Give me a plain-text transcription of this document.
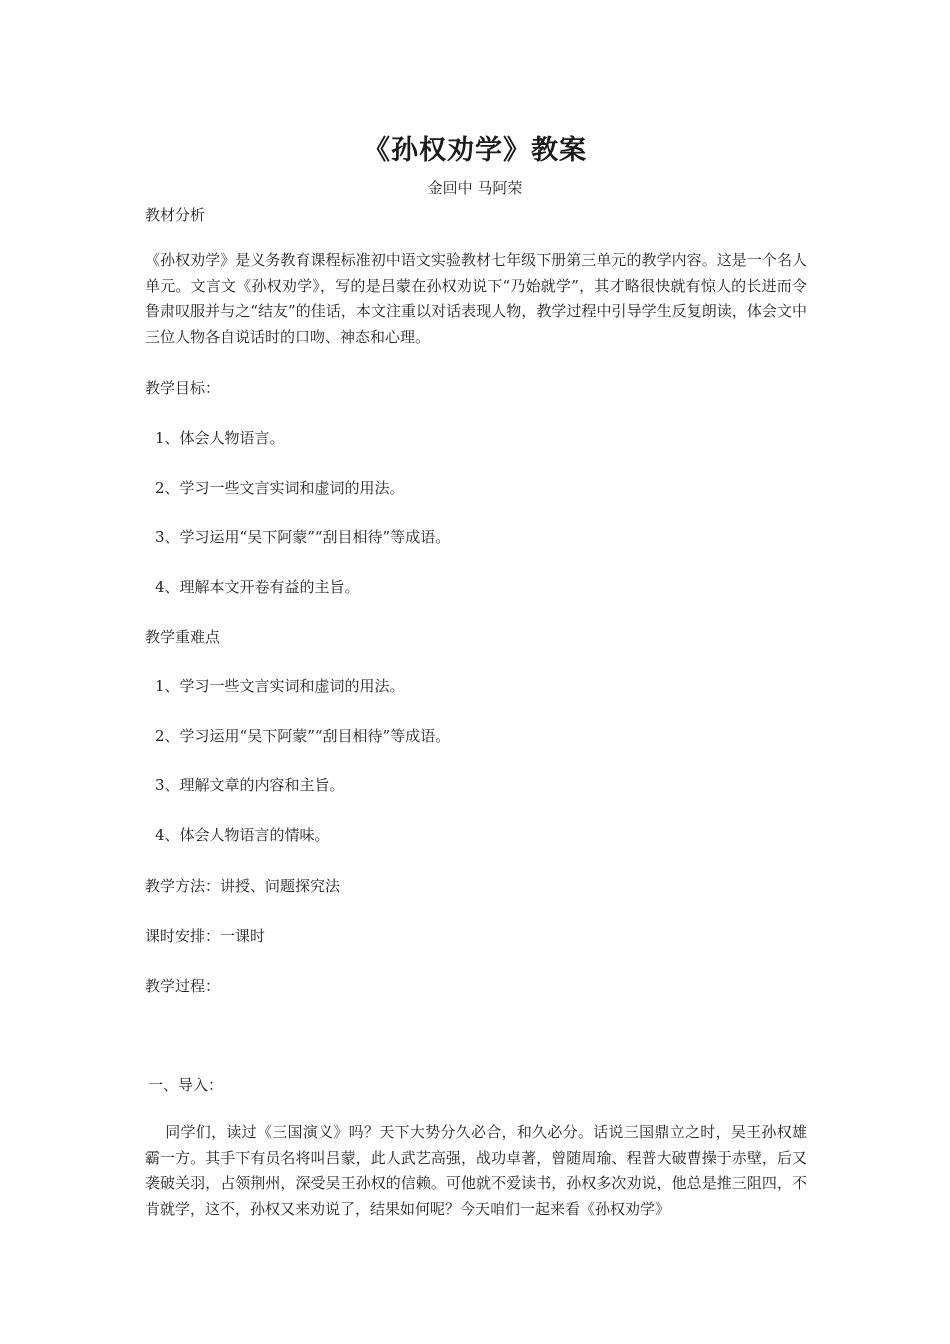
《孙权劝学》教案
金回中 马阿荣
教材分析
《孙权劝学》是义务教育课程标准初中语文实验教材七年级下册第三单元的教学内容。这是一个名人单元。文言文《孙权劝学》，写的是吕蒙在孙权劝说下“乃始就学”，其才略很快就有惊人的长进而令鲁肃叹服并与之“结友”的佳话，本文注重以对话表现人物，教学过程中引导学生反复朗读，体会文中三位人物各自说话时的口吻、神态和心理。
教学目标：
1、体会人物语言。
2、学习一些文言实词和虚词的用法。
3、学习运用“吴下阿蒙”“刮目相待”等成语。
4、理解本文开卷有益的主旨。
教学重难点
1、学习一些文言实词和虚词的用法。
2、学习运用“吴下阿蒙”“刮目相待”等成语。
3、理解文章的内容和主旨。
4、体会人物语言的情味。
教学方法：讲授、问题探究法
课时安排：一课时
教学过程：
一、导入：
同学们，读过《三国演义》吗？天下大势分久必合，和久必分。话说三国鼎立之时，吴王孙权雄霸一方。其手下有员名将叫吕蒙，此人武艺高强，战功卓著，曾随周瑜、程普大破曹操于赤壁，后又袭破关羽，占领荆州，深受吴王孙权的信赖。可他就不爱读书，孙权多次劝说，他总是推三阻四，不肯就学，这不，孙权又来劝说了，结果如何呢？今天咱们一起来看《孙权劝学》
